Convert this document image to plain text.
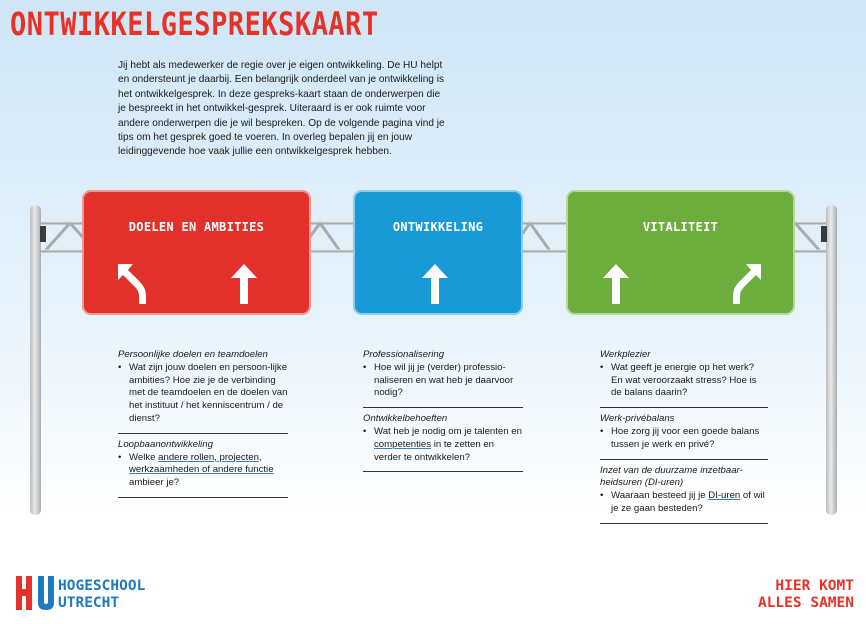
ONTWIKKELGESPREKSKAART

Jij hebt als medewerker de regie over je eigen ontwikkeling. De HU helpt en ondersteunt je daarbij. Een belangrijk onderdeel van je ontwikkeling is het ontwikkelgesprek. In deze gespreks-kaart staan de onderwerpen die je bespreekt in het ontwikkel-gesprek. Uiteraard is er ook ruimte voor andere onderwerpen die je wil bespreken. Op de volgende pagina vind je tips om het gesprek goed te voeren. In overleg bepalen jij en jouw leidinggevende hoe vaak jullie een ontwikkelgesprek hebben.

DOELEN EN AMBITIES	ONTWIKKELING	VITALITEIT

Persoonlijke doelen en teamdoelen

• Wat zijn jouw doelen en persoon-lijke ambities? Hoe zie je de verbinding met de teamdoelen en de doelen van het instituut / het kenniscentrum / de dienst?

Loopbaanontwikkeling

• Welke andere rollen, projecten, werkzaamheden of andere functie ambieer je?

Professionalisering

• Hoe wil jij je (verder) professio-naliseren en wat heb je daarvoor nodig?

Ontwikkelbehoeften

• Wat heb je nodig om je talenten en competenties in te zetten en verder te ontwikkelen?

Werkplezier

• Wat geeft je energie op het werk? En wat veroorzaakt stress? Hoe is de balans daarin?

Werk-privébalans

• Hoe zorg jij voor een goede balans tussen je werk en privé?

Inzet van de duurzame inzetbaar-heidsuren (DI-uren)

• Waaraan besteed jij je DI-uren of wil je ze gaan besteden?

HOGESCHOOL
UTRECHT
HIER KOMT
ALLES SAMEN
